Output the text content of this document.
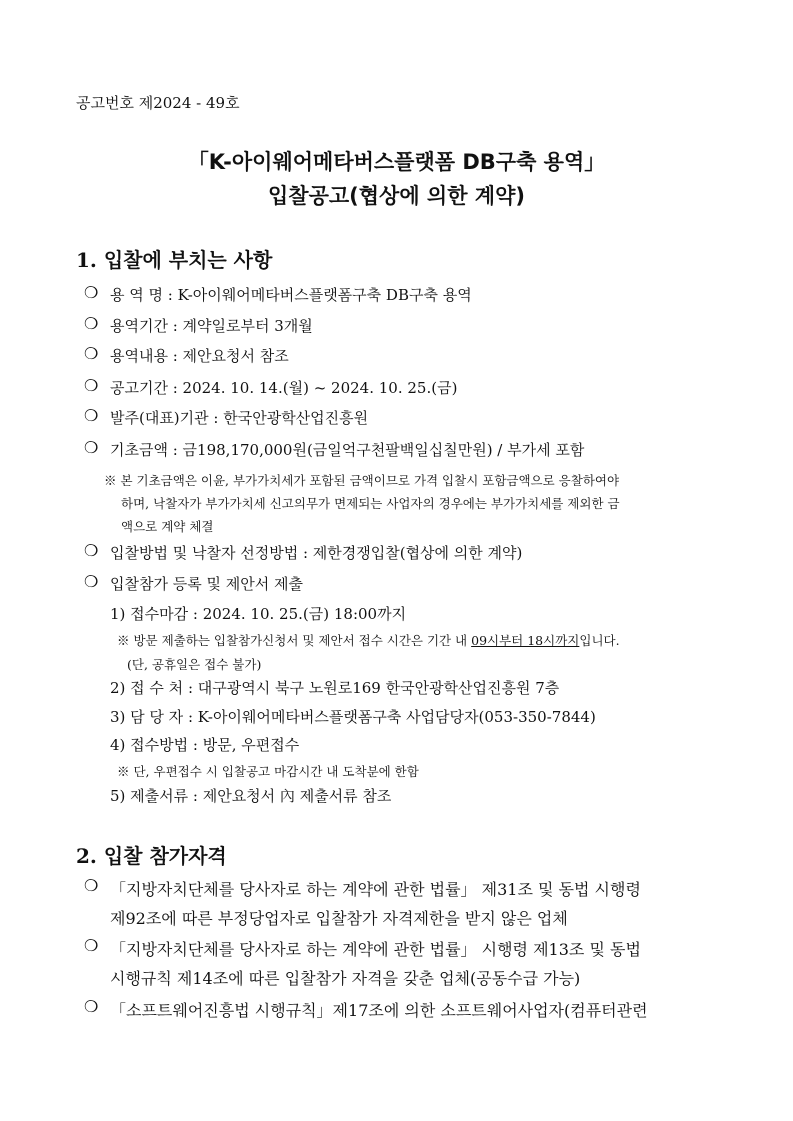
공고번호 제2024 - 49호
「K-아이웨어메타버스플랫폼 DB구축 용역」
입찰공고(협상에 의한 계약)
1. 입찰에 부치는 사항
❍ 용 역 명 : K-아이웨어메타버스플랫폼구축 DB구축 용역
❍ 용역기간 : 계약일로부터 3개월
❍ 용역내용 : 제안요청서 참조
❍ 공고기간 : 2024. 10. 14.(월) ~ 2024. 10. 25.(금)
❍ 발주(대표)기관 : 한국안광학산업진흥원
❍ 기초금액 : 금198,170,000원(금일억구천팔백일십칠만원) / 부가세 포함
※ 본 기초금액은 이윤, 부가가치세가 포함된 금액이므로 가격 입찰시 포함금액으로 응찰하여야
하며, 낙찰자가 부가가치세 신고의무가 면제되는 사업자의 경우에는 부가가치세를 제외한 금
액으로 계약 체결
❍ 입찰방법 및 낙찰자 선정방법 : 제한경쟁입찰(협상에 의한 계약)
❍ 입찰참가 등록 및 제안서 제출
1) 접수마감 : 2024. 10. 25.(금) 18:00까지
※ 방문 제출하는 입찰참가신청서 및 제안서 접수 시간은 기간 내 09시부터 18시까지입니다.
(단, 공휴일은 접수 불가)
2) 접 수 처 : 대구광역시 북구 노원로169 한국안광학산업진흥원 7층
3) 담 당 자 : K-아이웨어메타버스플랫폼구축 사업담당자(053-350-7844)
4) 접수방법 : 방문, 우편접수
※ 단, 우편접수 시 입찰공고 마감시간 내 도착분에 한함
5) 제출서류 : 제안요청서 內 제출서류 참조
2. 입찰 참가자격
❍ 「지방자치단체를 당사자로 하는 계약에 관한 법률」 제31조 및 동법 시행령
제92조에 따른 부정당업자로 입찰참가 자격제한을 받지 않은 업체
❍ 「지방자치단체를 당사자로 하는 계약에 관한 법률」 시행령 제13조 및 동법
시행규칙 제14조에 따른 입찰참가 자격을 갖춘 업체(공동수급 가능)
❍ 「소프트웨어진흥법 시행규칙」제17조에 의한 소프트웨어사업자(컴퓨터관련
